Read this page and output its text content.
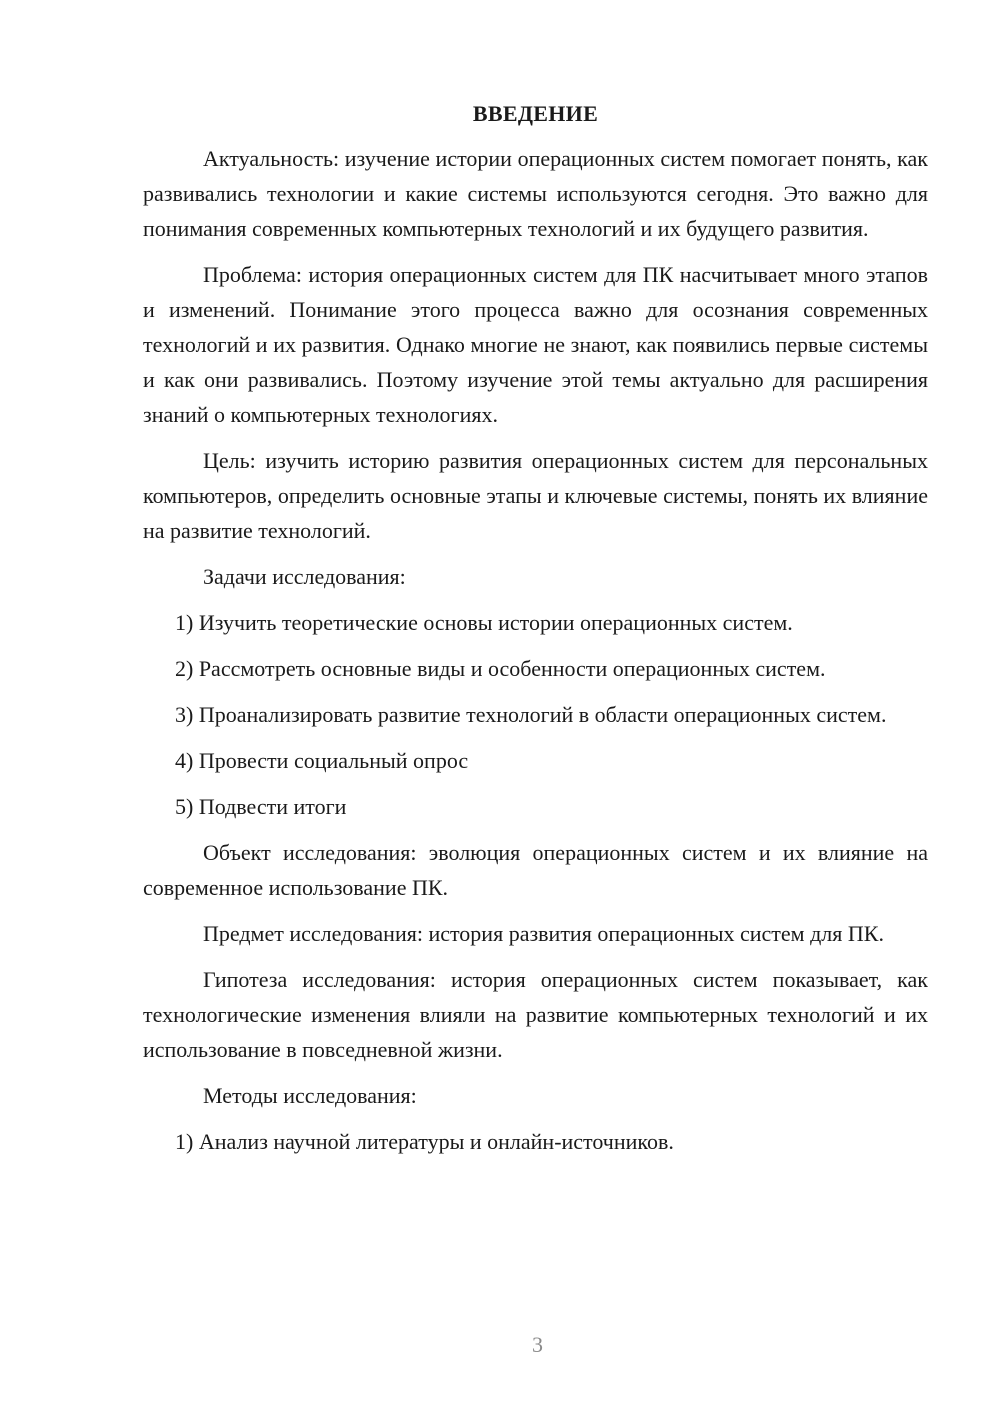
ВВЕДЕНИЕ

Актуальность: изучение истории операционных систем помогает понять, как развивались технологии и какие системы используются сегодня. Это важно для понимания современных компьютерных технологий и их будущего развития.

Проблема: история операционных систем для ПК насчитывает много этапов и изменений. Понимание этого процесса важно для осознания современных технологий и их развития. Однако многие не знают, как появились первые системы и как они развивались. Поэтому изучение этой темы актуально для расширения знаний о компьютерных технологиях.

Цель: изучить историю развития операционных систем для персональных компьютеров, определить основные этапы и ключевые системы, понять их влияние на развитие технологий.

Задачи исследования:

1) Изучить теоретические основы истории операционных систем.

2) Рассмотреть основные виды и особенности операционных систем.

3) Проанализировать развитие технологий в области операционных систем.

4) Провести социальный опрос

5) Подвести итоги

Объект исследования: эволюция операционных систем и их влияние на современное использование ПК.

Предмет исследования: история развития операционных систем для ПК.

Гипотеза исследования: история операционных систем показывает, как технологические изменения влияли на развитие компьютерных технологий и их использование в повседневной жизни.

Методы исследования:

1) Анализ научной литературы и онлайн-источников.

3
